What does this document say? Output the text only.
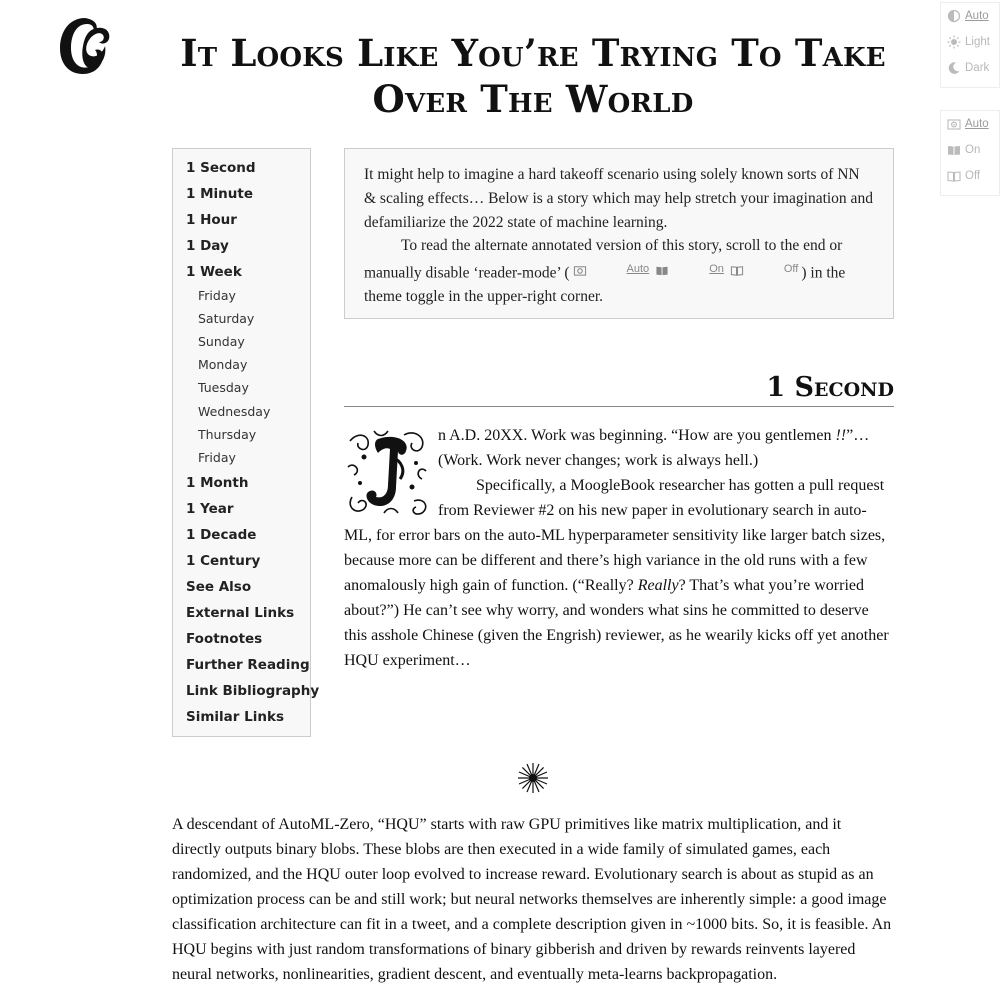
It Looks Like You’re Trying To Take Over The World
Auto
Light
Dark
Auto
On
Off
1 Second
1 Minute
1 Hour
1 Day
1 Week
Friday
Saturday
Sunday
Monday
Tuesday
Wednesday
Thursday
Friday
1 Month
1 Year
1 Decade
1 Century
See Also
External Links
Footnotes
Further Reading
Link Bibliography
Similar Links

It might help to imagine a hard takeoff scenario using solely known sorts of NN & scaling effects… Below is a story which may help stretch your imagination and defamiliarize the 2022 state of machine learning.

To read the alternate annotated version of this story, scroll to the end or manually disable ‘reader-mode’ (	Auto	On	Off ) in the theme toggle in the upper-right corner.

1 Second

n A.D. 20XX. Work was beginning. “How are you gentlemen !!”… (Work. Work never changes; work is always hell.)

Specifically, a MoogleBook researcher has gotten a pull request from Reviewer #2 on his new paper in evolutionary search in auto-ML, for error bars on the auto-ML hyperparameter sensitivity like larger batch sizes, because more can be different and there’s high variance in the old runs with a few anomalously high gain of function. (“Really? Really? That’s what you’re worried about?”) He can’t see why worry, and wonders what sins he committed to deserve this asshole Chinese (given the Engrish) reviewer, as he wearily kicks off yet another HQU experiment…

A descendant of AutoML-Zero, “HQU” starts with raw GPU primitives like matrix multiplication, and it directly outputs binary blobs. These blobs are then executed in a wide family of simulated games, each randomized, and the HQU outer loop evolved to increase reward. Evolutionary search is about as stupid as an optimization process can be and still work; but neural networks themselves are inherently simple: a good image classification architecture can fit in a tweet, and a complete description given in ~1000 bits. So, it is feasible. An HQU begins with just random transformations of binary gibberish and driven by rewards reinvents layered neural networks, nonlinearities, gradient descent, and eventually meta-learns backpropagation.
